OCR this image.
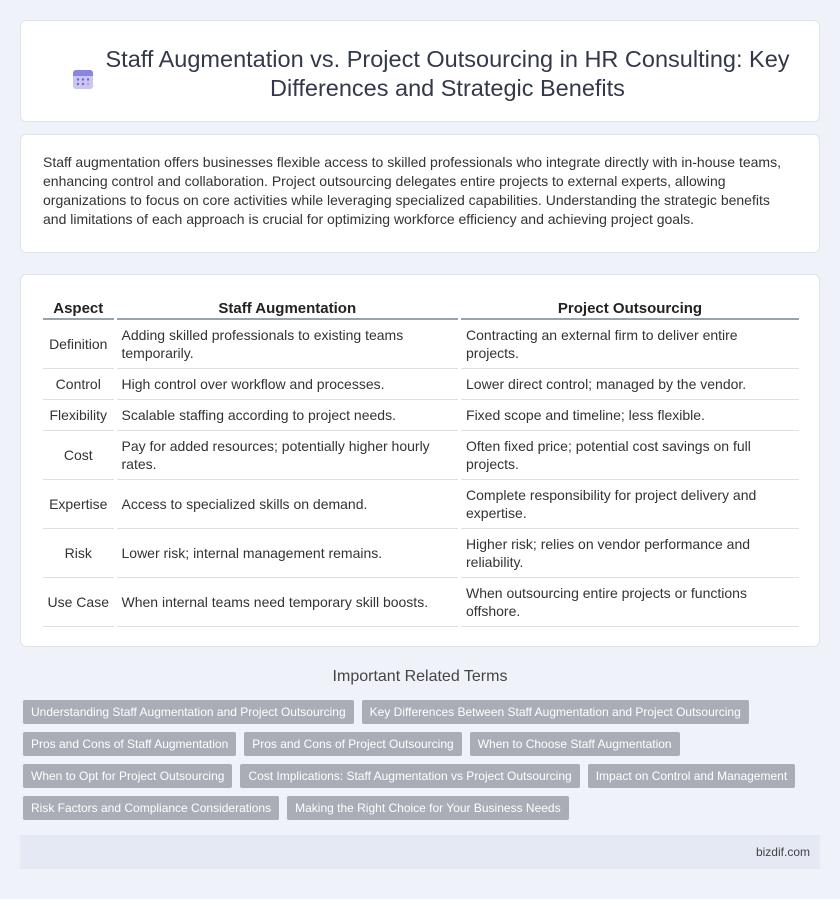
Staff Augmentation vs. Project Outsourcing in HR Consulting: Key Differences and Strategic Benefits

Staff augmentation offers businesses flexible access to skilled professionals who integrate directly with in-house teams, enhancing control and collaboration. Project outsourcing delegates entire projects to external experts, allowing organizations to focus on core activities while leveraging specialized capabilities. Understanding the strategic benefits and limitations of each approach is crucial for optimizing workforce efficiency and achieving project goals.

Aspect	Staff Augmentation	Project Outsourcing
Definition	Adding skilled professionals to existing teams temporarily.	Contracting an external firm to deliver entire projects.
Control	High control over workflow and processes.	Lower direct control; managed by the vendor.
Flexibility	Scalable staffing according to project needs.	Fixed scope and timeline; less flexible.
Cost	Pay for added resources; potentially higher hourly rates.	Often fixed price; potential cost savings on full projects.
Expertise	Access to specialized skills on demand.	Complete responsibility for project delivery and expertise.
Risk	Lower risk; internal management remains.	Higher risk; relies on vendor performance and reliability.
Use Case	When internal teams need temporary skill boosts.	When outsourcing entire projects or functions offshore.
Important Related Terms
Understanding Staff Augmentation and Project Outsourcing	Key Differences Between Staff Augmentation and Project Outsourcing
Pros and Cons of Staff Augmentation	Pros and Cons of Project Outsourcing	When to Choose Staff Augmentation
When to Opt for Project Outsourcing	Cost Implications: Staff Augmentation vs Project Outsourcing	Impact on Control and Management
Risk Factors and Compliance Considerations	Making the Right Choice for Your Business Needs
bizdif.com
